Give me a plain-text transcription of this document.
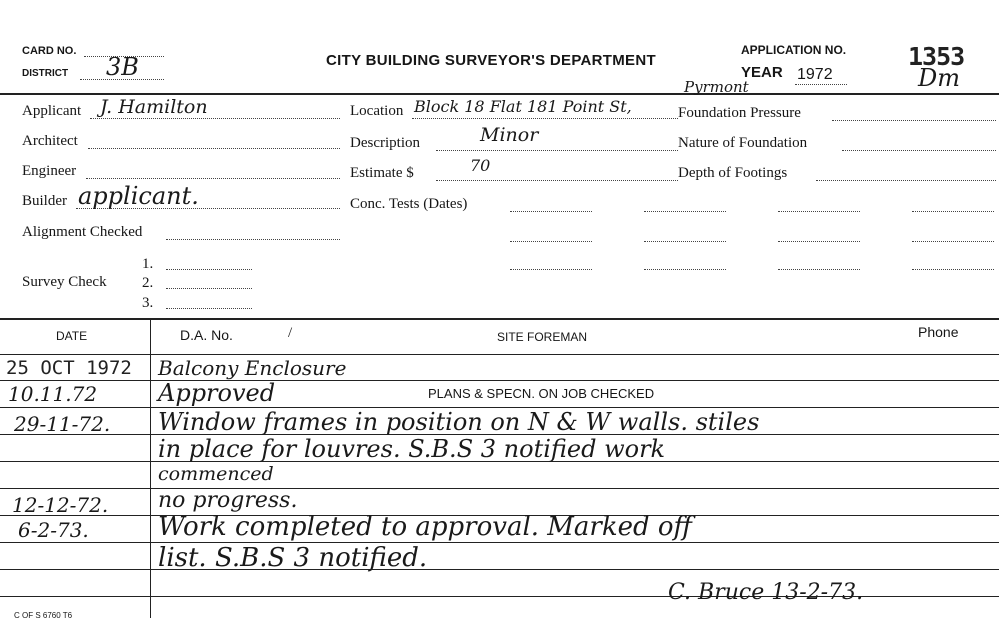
CARD NO.
DISTRICT 3B	CITY BUILDING SURVEYOR'S DEPARTMENT
APPLICATION NO.
YEAR 1972
1353
Dm
Applicant J. Hamilton
Architect
Engineer
Builder applicant.
Alignment Checked
Survey Check
1.
2.
3.
Location Block 18 Flat 181 Point St,
Pyrmont
Description	Minor
Estimate $	70
Conc. Tests (Dates)
Foundation Pressure
Nature of Foundation
Depth of Footings
DATE	D.A. No.	/	SITE FOREMAN	Phone
25 OCT 1972 Balcony Enclosure
10.11.72	Approved	PLANS & SPECN. ON JOB CHECKED
29-11-72. Window frames in position on N & W walls. stiles
in place for louvres. S.B.S 3 notified work
commenced
12-12-72. no progress.
6-2-73.	Work completed to approval. Marked off
list. S.B.S 3 notified.
C. Bruce 13-2-73.
C OF S 6760 T6
